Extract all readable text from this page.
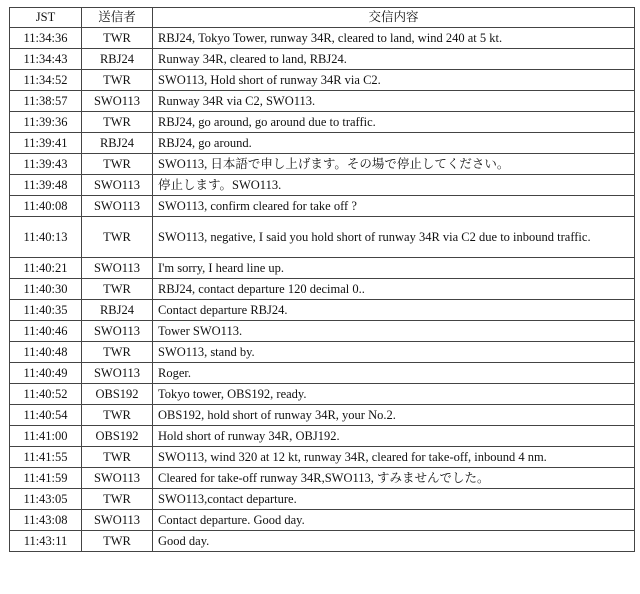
JST	送信者	交信内容
11:34:36	TWR	RBJ24, Tokyo Tower, runway 34R, cleared to land, wind 240 at 5 kt.
11:34:43	RBJ24	Runway 34R, cleared to land, RBJ24.
11:34:52	TWR	SWO113, Hold short of runway 34R via C2.
11:38:57	SWO113	Runway 34R via C2, SWO113.
11:39:36	TWR	RBJ24, go around, go around due to traffic.
11:39:41	RBJ24	RBJ24, go around.
11:39:43	TWR	SWO113, 日本語で申し上げます。その場で停止してください。
11:39:48	SWO113	停止します。SWO113.
11:40:08	SWO113	SWO113, confirm cleared for take off ?
11:40:13	TWR	SWO113, negative, I said you hold short of runway 34R via C2 due to inbound traffic.
11:40:21	SWO113	I'm sorry, I heard line up.
11:40:30	TWR	RBJ24, contact departure 120 decimal 0..
11:40:35	RBJ24	Contact departure RBJ24.
11:40:46	SWO113	Tower SWO113.
11:40:48	TWR	SWO113, stand by.
11:40:49	SWO113	Roger.
11:40:52	OBS192	Tokyo tower, OBS192, ready.
11:40:54	TWR	OBS192, hold short of runway 34R, your No.2.
11:41:00	OBS192	Hold short of runway 34R, OBJ192.
11:41:55	TWR	SWO113, wind 320 at 12 kt, runway 34R, cleared for take-off, inbound 4 nm.
11:41:59	SWO113	Cleared for take-off runway 34R,SWO113, すみませんでした。
11:43:05	TWR	SWO113,contact departure.
11:43:08	SWO113	Contact departure. Good day.
11:43:11	TWR	Good day.
